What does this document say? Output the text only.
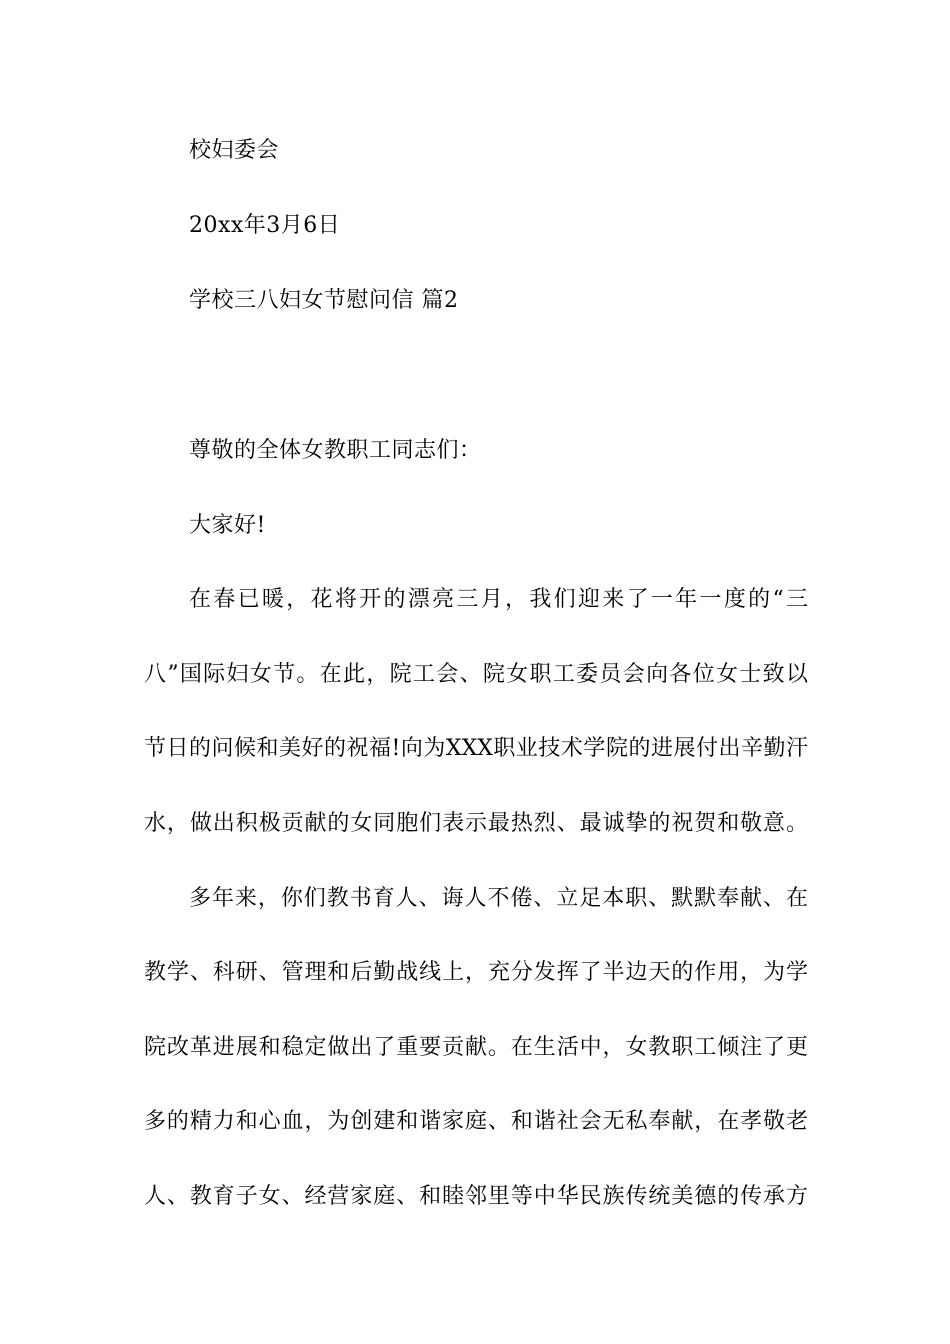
校妇委会
20xx年3月6日
学校三八妇女节慰问信 篇2
尊敬的全体女教职工同志们：
大家好!
在春已暖，花将开的漂亮三月，我们迎来了一年一度的“三
八”国际妇女节。在此，院工会、院女职工委员会向各位女士致以
节日的问候和美好的祝福!向为XXX职业技术学院的进展付出辛勤汗
水，做出积极贡献的女同胞们表示最热烈、最诚挚的祝贺和敬意。
多年来，你们教书育人、诲人不倦、立足本职、默默奉献、在
教学、科研、管理和后勤战线上，充分发挥了半边天的作用，为学
院改革进展和稳定做出了重要贡献。在生活中，女教职工倾注了更
多的精力和心血，为创建和谐家庭、和谐社会无私奉献，在孝敬老
人、教育子女、经营家庭、和睦邻里等中华民族传统美德的传承方
